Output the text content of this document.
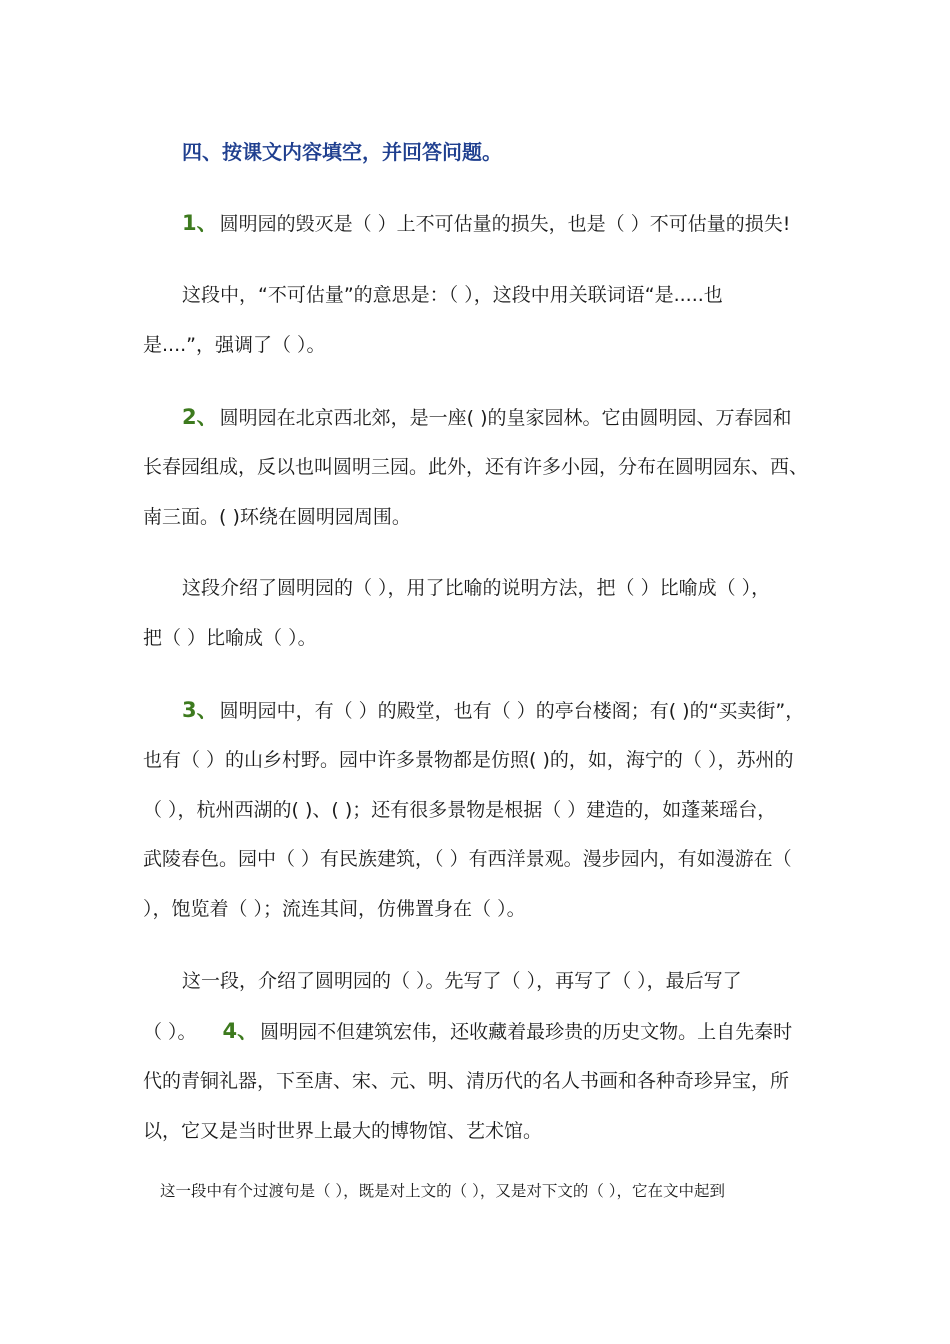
四、按课文内容填空，并回答问题。
1、 圆明园的毁灭是（ ）上不可估量的损失，也是（ ）不可估量的损失!
这段中，“不可估量”的意思是：（ ），这段中用关联词语“是.....也
是....”，强调了（ ）。
2、 圆明园在北京西北郊，是一座( )的皇家园林。它由圆明园、万春园和
长春园组成，反以也叫圆明三园。此外，还有许多小园，分布在圆明园东、西、
南三面。( )环绕在圆明园周围。
这段介绍了圆明园的（ ），用了比喻的说明方法，把（ ）比喻成（ ），
把（ ）比喻成（ ）。
3、 圆明园中，有（ ）的殿堂，也有（ ）的亭台楼阁；有( )的“买卖街”，
也有（ ）的山乡村野。园中许多景物都是仿照( )的，如，海宁的（ ），苏州的
（ ），杭州西湖的( )、( )；还有很多景物是根据（ ）建造的，如蓬莱瑶台，
武陵春色。园中（ ）有民族建筑，（ ）有西洋景观。漫步园内，有如漫游在（
），饱览着（ ）；流连其间，仿佛置身在（ ）。
这一段，介绍了圆明园的（ ）。先写了（ ），再写了（ ），最后写了
（ ）。 4、 圆明园不但建筑宏伟，还收藏着最珍贵的历史文物。上自先秦时
代的青铜礼器，下至唐、宋、元、明、清历代的名人书画和各种奇珍异宝，所
以，它又是当时世界上最大的博物馆、艺术馆。
这一段中有个过渡句是（ ），既是对上文的（ ），又是对下文的（ ），它在文中起到
